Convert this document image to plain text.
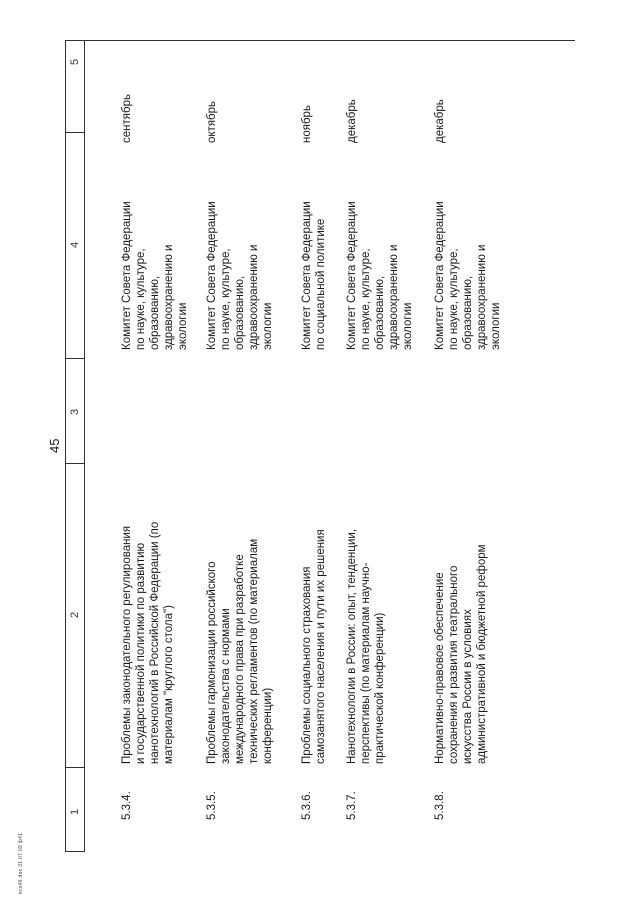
45
1
2
3
4
5
5.3.4.
Проблемы законодательного регулирования
и государственной политики по развитию
нанотехнологий в Российской Федерации (по
материалам "круглого стола")
Комитет Совета Федерации
по науке, культуре,
образованию,
здравоохранению и
экологии
сентябрь
5.3.5.
Проблемы гармонизации российского
законодательства с нормами
международного права при разработке
технических регламентов (по материалам
конференции)
Комитет Совета Федерации
по науке, культуре,
образованию,
здравоохранению и
экологии
октябрь
5.3.6.
Проблемы социального страхования
самозанятого населения и пути их решения
Комитет Совета Федерации
по социальной политике
ноябрь
5.3.7.
Нанотехнологии в России: опыт, тенденции,
перспективы (по материалам научно-
практической конференции)
Комитет Совета Федерации
по науке, культуре,
образованию,
здравоохранению и
экологии
декабрь
5.3.8.
Нормативно-правовое обеспечение
сохранения и развития театрального
искусства России в условиях
административной и бюджетной реформ
Комитет Совета Федерации
по науке, культуре,
образованию,
здравоохранению и
экологии
декабрь
ecs46.doc 31.07.09 ф41
